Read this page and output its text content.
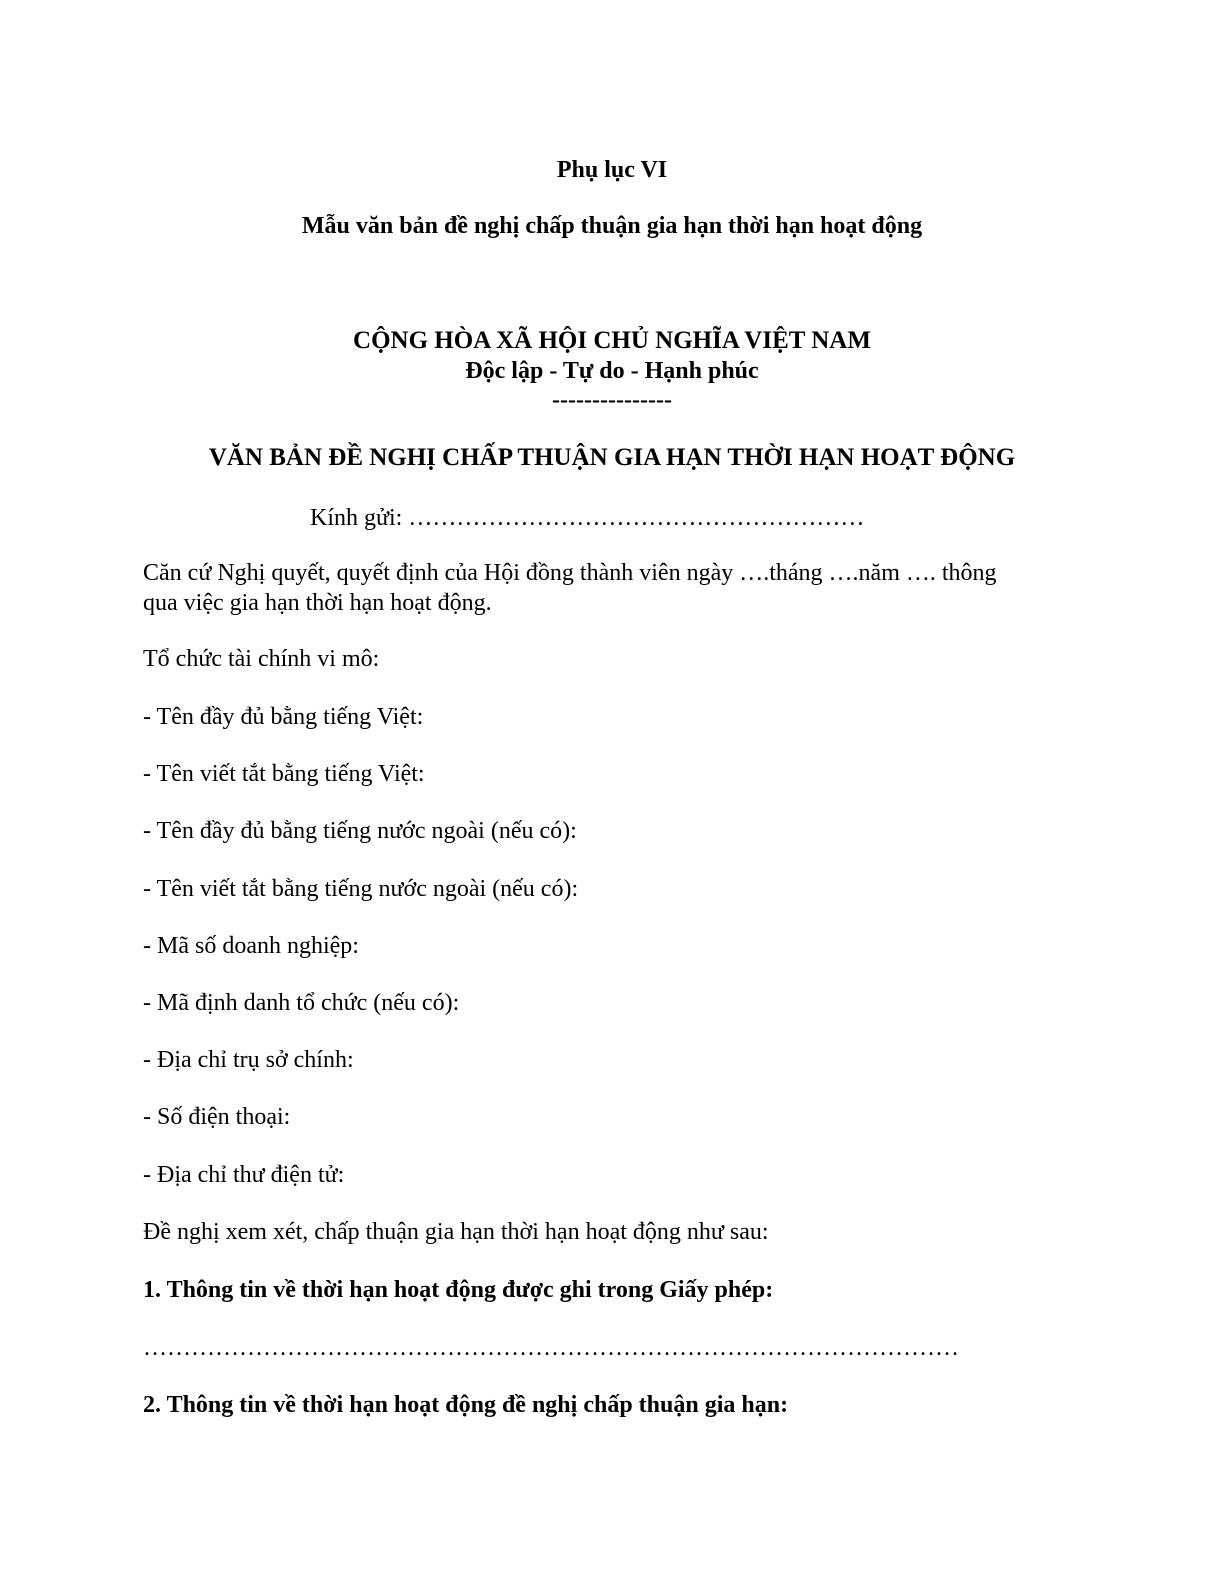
Phụ lục VI

Mẫu văn bản đề nghị chấp thuận gia hạn thời hạn hoạt động

CỘNG HÒA XÃ HỘI CHỦ NGHĨA VIỆT NAM

Độc lập - Tự do - Hạnh phúc

---------------

VĂN BẢN ĐỀ NGHỊ CHẤP THUẬN GIA HẠN THỜI HẠN HOẠT ĐỘNG

Kính gửi: …………………………………………………

Căn cứ Nghị quyết, quyết định của Hội đồng thành viên ngày ….tháng ….năm …. thông

qua việc gia hạn thời hạn hoạt động.

Tổ chức tài chính vi mô:

- Tên đầy đủ bằng tiếng Việt:

- Tên viết tắt bằng tiếng Việt:

- Tên đầy đủ bằng tiếng nước ngoài (nếu có):

- Tên viết tắt bằng tiếng nước ngoài (nếu có):

- Mã số doanh nghiệp:

- Mã định danh tổ chức (nếu có):

- Địa chỉ trụ sở chính:

- Số điện thoại:

- Địa chỉ thư điện tử:

Đề nghị xem xét, chấp thuận gia hạn thời hạn hoạt động như sau:

1. Thông tin về thời hạn hoạt động được ghi trong Giấy phép:

…………………………………………………………………………………………

2. Thông tin về thời hạn hoạt động đề nghị chấp thuận gia hạn:
